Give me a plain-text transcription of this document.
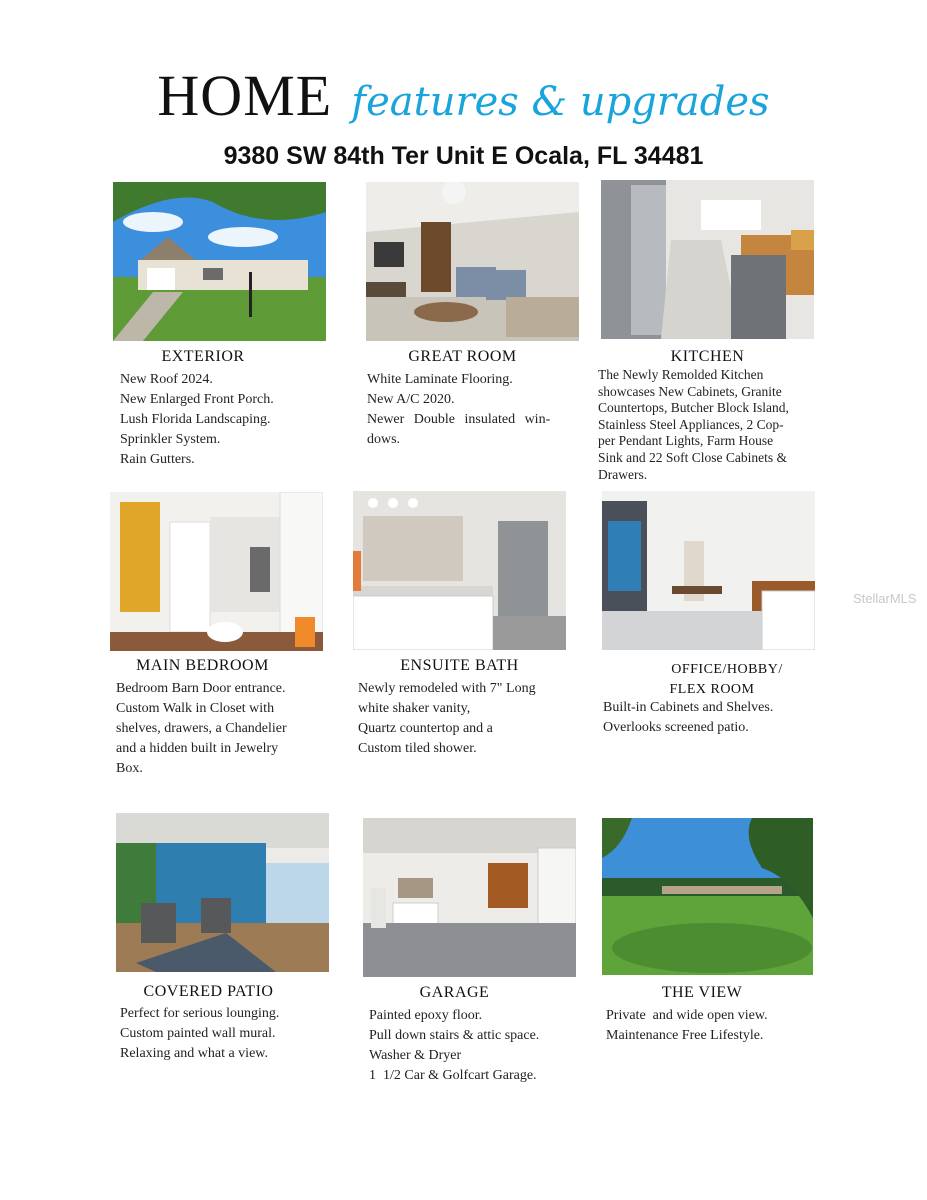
HOME features & upgrades
9380 SW 84th Ter Unit E Ocala, FL 34481
EXTERIOR
New Roof 2024.
New Enlarged Front Porch.
Lush Florida Landscaping.
Sprinkler System.
Rain Gutters.
GREAT ROOM
White Laminate Flooring.
New A/C 2020.
Newer Double insulated win-
dows.
KITCHEN
The Newly Remolded Kitchen
showcases New Cabinets, Granite
Countertops, Butcher Block Island,
Stainless Steel Appliances, 2 Cop-
per Pendant Lights, Farm House
Sink and 22 Soft Close Cabinets &
Drawers.
StellarMLS
MAIN BEDROOM
Bedroom Barn Door entrance.
Custom Walk in Closet with
shelves, drawers, a Chandelier
and a hidden built in Jewelry
Box.
ENSUITE BATH
Newly remodeled with 7" Long
white shaker vanity,
Quartz countertop and a
Custom tiled shower.
OFFICE/HOBBY/
FLEX ROOM
Built-in Cabinets and Shelves.
Overlooks screened patio.
COVERED PATIO
Perfect for serious lounging.
Custom painted wall mural.
Relaxing and what a view.
GARAGE
Painted epoxy floor.
Pull down stairs & attic space.
Washer & Dryer
1  1/2 Car & Golfcart Garage.
THE VIEW
Private  and wide open view.
Maintenance Free Lifestyle.
